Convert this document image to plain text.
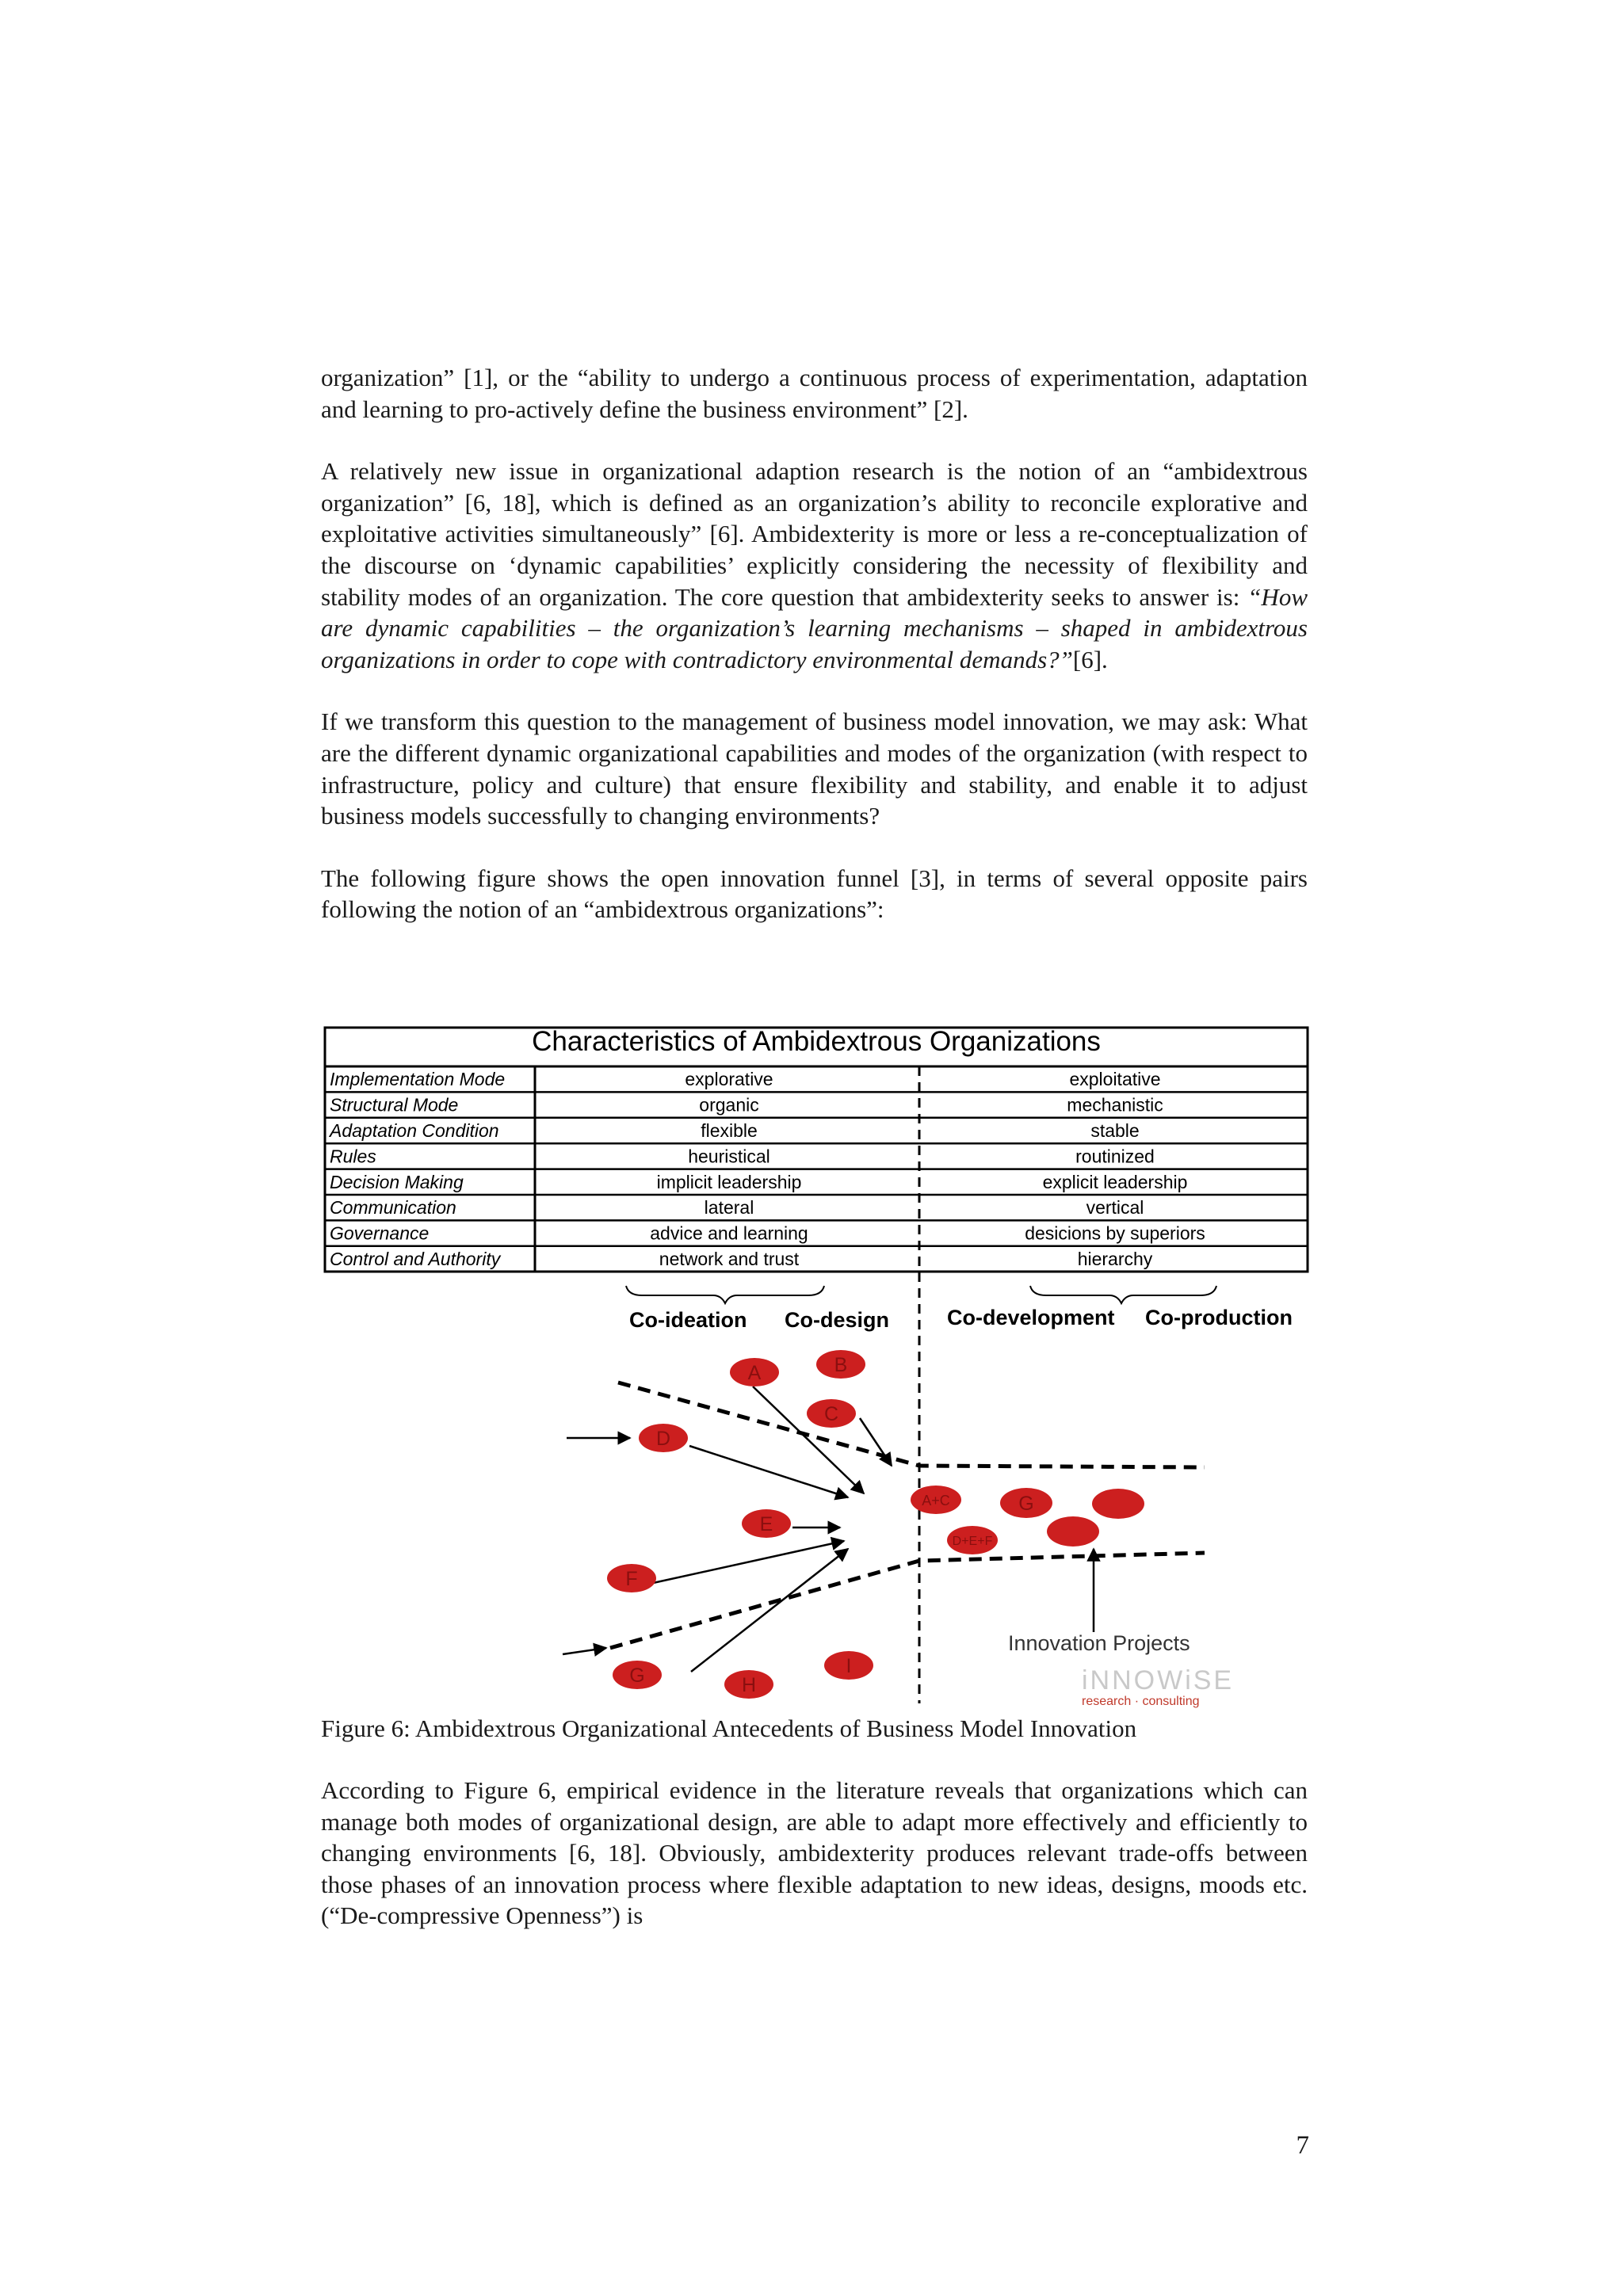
organization” [1], or the “ability to undergo a continuous process of experimentation, adaptation and learning to pro-actively define the business environment” [2].

A relatively new issue in organizational adaption research is the notion of an “ambidextrous organization” [6, 18], which is defined as an organization’s ability to reconcile explorative and exploitative activities simultaneously” [6]. Ambidexterity is more or less a re-conceptualization of the discourse on ‘dynamic capabilities’ explicitly considering the necessity of flexibility and stability modes of an organization. The core question that ambidexterity seeks to answer is: “How are dynamic capabilities – the organization’s learning mechanisms – shaped in ambidextrous organizations in order to cope with contradictory environmental demands?”[6].

If we transform this question to the management of business model innovation, we may ask: What are the different dynamic organizational capabilities and modes of the organization (with respect to infrastructure, policy and culture) that ensure flexibility and stability, and enable it to adjust business models successfully to changing environments?

The following figure shows the open innovation funnel [3], in terms of several opposite pairs following the notion of an “ambidextrous organizations”:

Characteristics of Ambidextrous Organizations
Implementation Mode	explorative	exploitative
Structural Mode	organic	mechanistic
Adaptation Condition	flexible	stable
Rules	heuristical	routinized
Decision Making	implicit leadership	explicit leadership
Communication	lateral	vertical
Governance	advice and learning	desicions by superiors
Control and Authority	network and trust	hierarchy
Co-ideation Co-design	Co-development Co-production
A	B
C
D
E
F
G	H
I
A+C
D+E+F
G
Innovation Projects
iNNOWiSE
research · consulting
Figure 6: Ambidextrous Organizational Antecedents of Business Model Innovation

According to Figure 6, empirical evidence in the literature reveals that organizations which can manage both modes of organizational design, are able to adapt more effectively and efficiently to changing environments [6, 18]. Obviously, ambidexterity produces relevant trade-offs between those phases of an innovation process where flexible adaptation to new ideas, designs, moods etc. (“De-compressive Openness”) is

7
